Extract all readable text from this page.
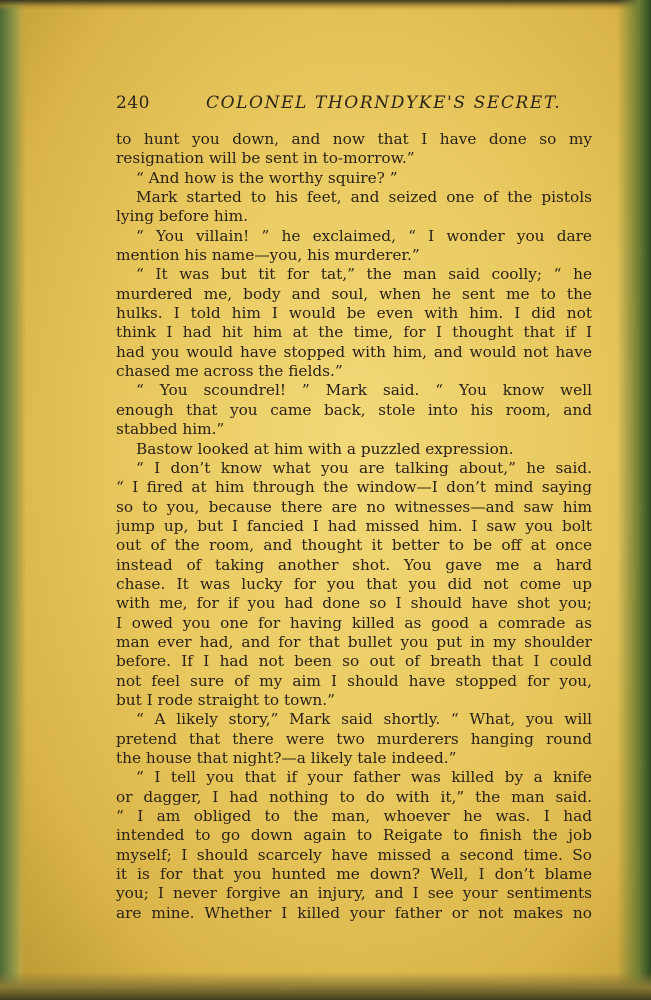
240	COLONEL THORNDYKE'S SECRET.
to hunt you down, and now that I have done so my
resignation will be sent in to-morrow.”
“ And how is the worthy squire? ”
Mark started to his feet, and seized one of the pistols
lying before him.
“ You villain! ” he exclaimed, “ I wonder you dare
mention his name—you, his murderer.”
“ It was but tit for tat,” the man said coolly; “ he
murdered me, body and soul, when he sent me to the
hulks. I told him I would be even with him. I did not
think I had hit him at the time, for I thought that if I
had you would have stopped with him, and would not have
chased me across the fields.”
“ You scoundrel! ” Mark said. “ You know well
enough that you came back, stole into his room, and
stabbed him.”
Bastow looked at him with a puzzled expression.
“ I don’t know what you are talking about,” he said.
“ I fired at him through the window—I don’t mind saying
so to you, because there are no witnesses—and saw him
jump up, but I fancied I had missed him. I saw you bolt
out of the room, and thought it better to be off at once
instead of taking another shot. You gave me a hard
chase. It was lucky for you that you did not come up
with me, for if you had done so I should have shot you;
I owed you one for having killed as good a comrade as
man ever had, and for that bullet you put in my shoulder
before. If I had not been so out of breath that I could
not feel sure of my aim I should have stopped for you,
but I rode straight to town.”
“ A likely story,” Mark said shortly. “ What, you will
pretend that there were two murderers hanging round
the house that night?—a likely tale indeed.”
“ I tell you that if your father was killed by a knife
or dagger, I had nothing to do with it,” the man said.
“ I am obliged to the man, whoever he was. I had
intended to go down again to Reigate to finish the job
myself; I should scarcely have missed a second time. So
it is for that you hunted me down? Well, I don’t blame
you; I never forgive an injury, and I see your sentiments
are mine. Whether I killed your father or not makes no
